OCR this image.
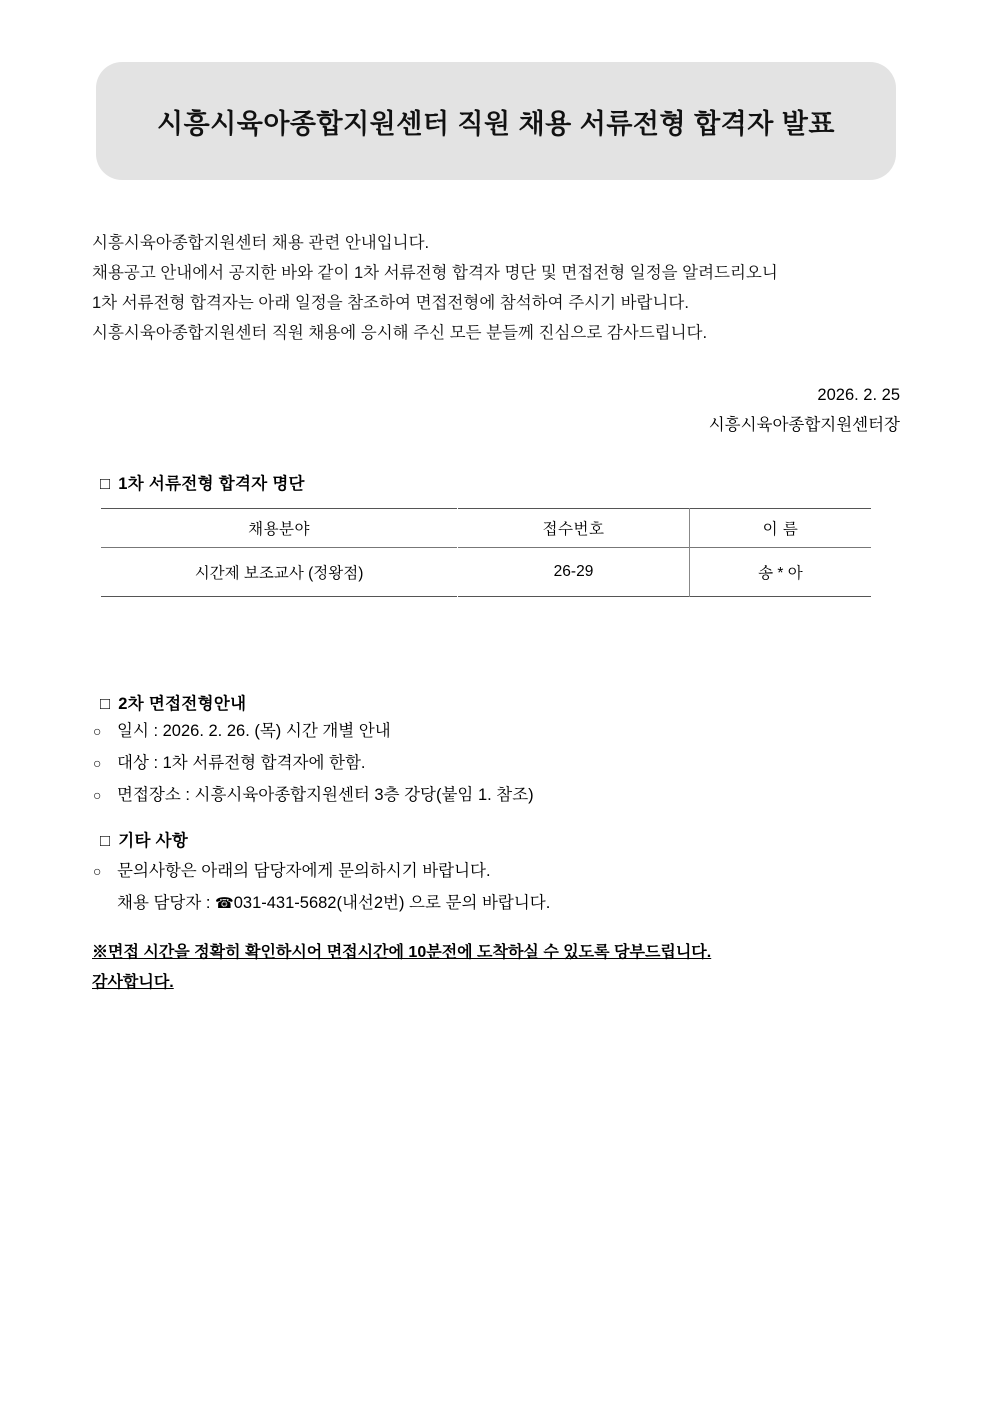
시흥시육아종합지원센터 직원 채용 서류전형 합격자 발표
시흥시육아종합지원센터 채용 관련 안내입니다.
채용공고 안내에서 공지한 바와 같이 1차 서류전형 합격자 명단 및 면접전형 일정을 알려드리오니
1차 서류전형 합격자는 아래 일정을 참조하여 면접전형에 참석하여 주시기 바랍니다.
시흥시육아종합지원센터 직원 채용에 응시해 주신 모든 분들께 진심으로 감사드립니다.
2026. 2. 25
시흥시육아종합지원센터장
□ 1차 서류전형 합격자 명단
채용분야	접수번호	이 름
시간제 보조교사 (정왕점)	26-29	송 * 아
□ 2차 면접전형안내
○ 일시 : 2026. 2. 26. (목) 시간 개별 안내
○ 대상 : 1차 서류전형 합격자에 한함.
○ 면접장소 : 시흥시육아종합지원센터 3층 강당(붙임 1. 참조)
□ 기타 사항
○ 문의사항은 아래의 담당자에게 문의하시기 바랍니다.
채용 담당자 : ☎031-431-5682(내선2번) 으로 문의 바랍니다.
※면접 시간을 정확히 확인하시어 면접시간에 10분전에 도착하실 수 있도록 당부드립니다.
감사합니다.
